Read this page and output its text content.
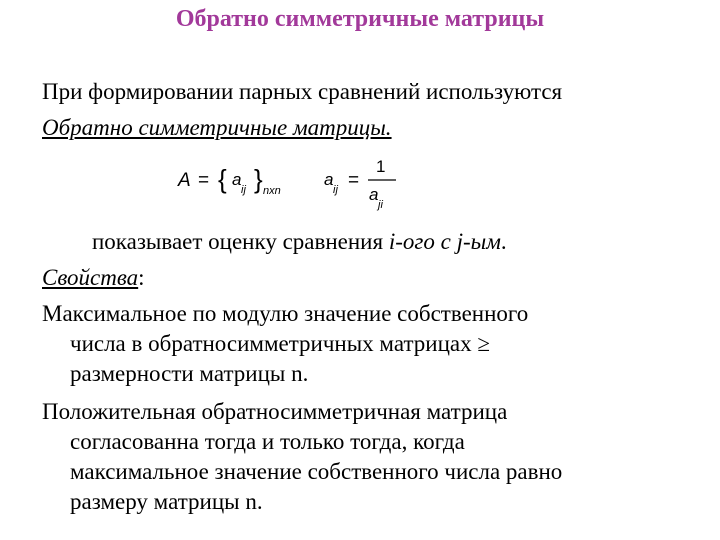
Обратно симметричные матрицы
При формировании парных сравнений используются
Обратно симметричные матрицы.
A = { a
ij } nxn
a
ij =
1
a
ji
показывает оценку сравнения i-ого с j-ым.
Свойства:
Максимальное по модулю значение собственного
числа в обратносимметричных матрицах ≥
размерности матрицы n.
Положительная обратносимметричная матрица
согласованна тогда и только тогда, когда
максимальное значение собственного числа равно
размеру матрицы n.
